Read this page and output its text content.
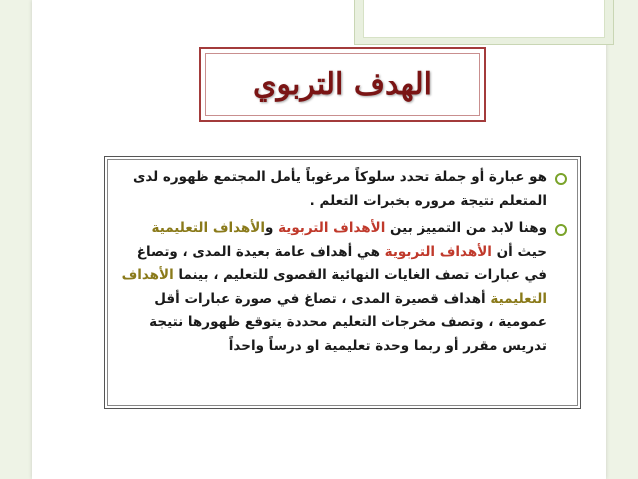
الهدف التربوي
هو عبارة أو جملة تحدد سلوكاً مرغوباً يأمل المجتمع ظهوره لدى المتعلم نتيجة مروره بخبرات التعلم .
وهنا لابد من التمييز بين الأهداف التربوية والأهداف التعليمية حيث أن الأهداف التربوية هي أهداف عامة بعيدة المدى ، وتصاغ في عبارات تصف الغايات النهائية القصوى للتعليم ، بينما الأهداف التعليمية أهداف قصيرة المدى ، تصاغ في صورة عبارات أقل عمومية ، وتصف مخرجات التعليم محددة يتوقع ظهورها نتيجة تدريس مقرر أو ربما وحدة تعليمية او درساً واحداً
